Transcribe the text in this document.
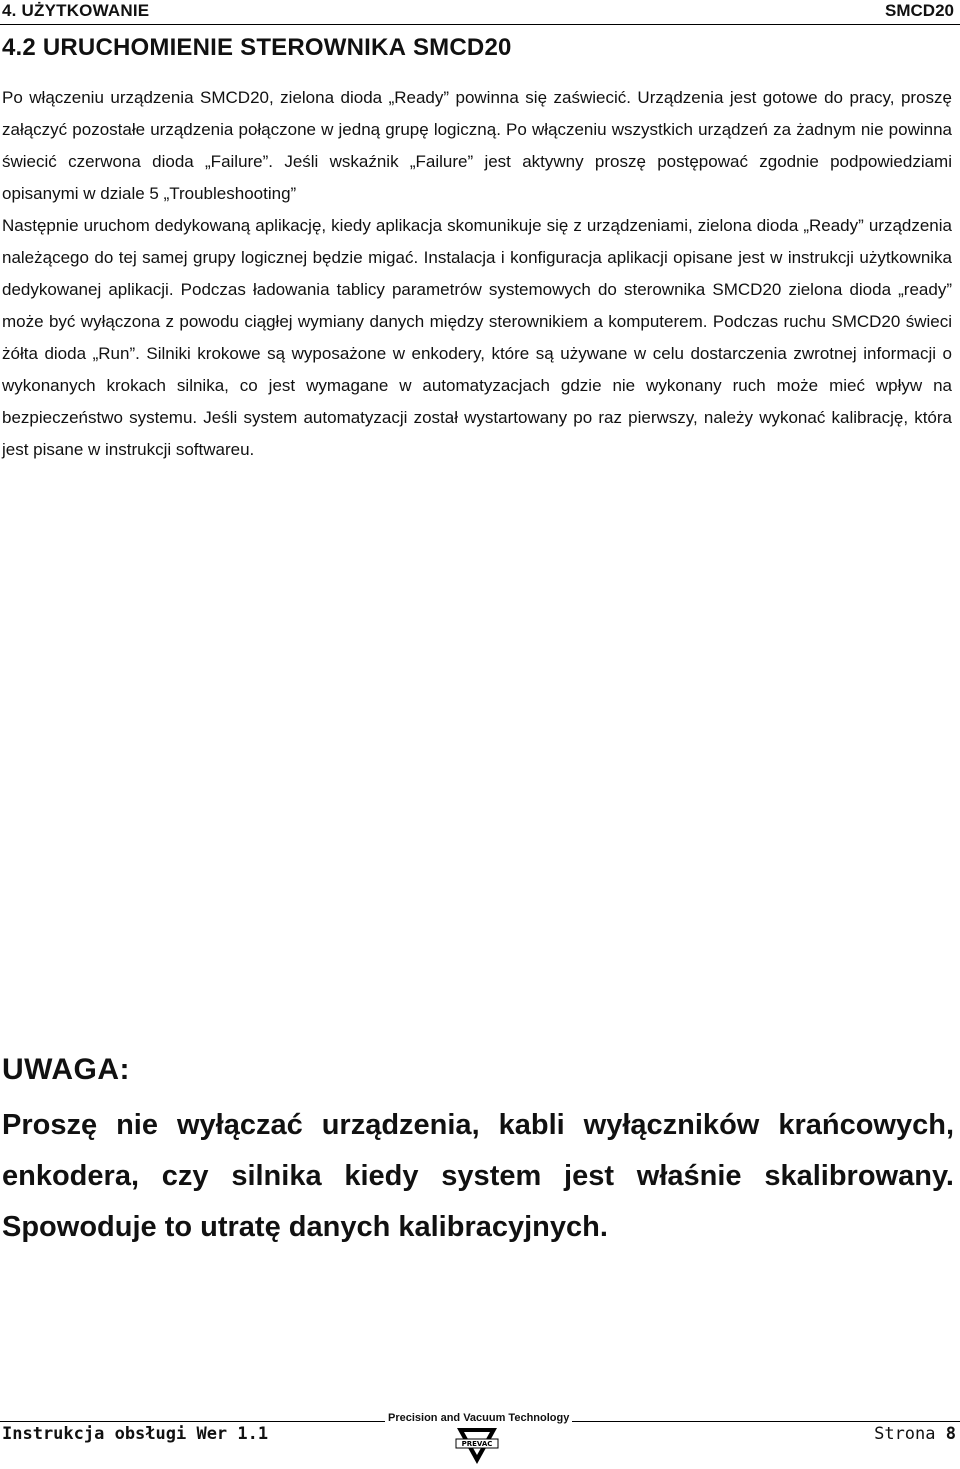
4. UŻYTKOWANIE	SMCD20
4.2 URUCHOMIENIE STEROWNIKA SMCD20

Po włączeniu urządzenia SMCD20, zielona dioda „Ready” powinna się zaświecić. Urządzenia jest gotowe do pracy, proszę załączyć pozostałe urządzenia połączone w jedną grupę logiczną. Po włączeniu wszystkich urządzeń za żadnym nie powinna świecić czerwona dioda „Failure”. Jeśli wskaźnik „Failure” jest aktywny proszę postępować zgodnie podpowiedziami opisanymi w dziale 5 „Troubleshooting”

Następnie uruchom dedykowaną aplikację, kiedy aplikacja skomunikuje się z urządzeniami, zielona dioda „Ready” urządzenia należącego do tej samej grupy logicznej będzie migać. Instalacja i konfiguracja aplikacji opisane jest w instrukcji użytkownika dedykowanej aplikacji. Podczas ładowania tablicy parametrów systemowych do sterownika SMCD20 zielona dioda „ready” może być wyłączona z powodu ciągłej wymiany danych między sterownikiem a komputerem. Podczas ruchu SMCD20 świeci żółta dioda „Run”. Silniki krokowe są wyposażone w enkodery, które są używane w celu dostarczenia zwrotnej informacji o wykonanych krokach silnika, co jest wymagane w automatyzacjach gdzie nie wykonany ruch może mieć wpływ na bezpieczeństwo systemu. Jeśli system automatyzacji został wystartowany po raz pierwszy, należy wykonać kalibrację, która jest pisane w instrukcji softwareu.

UWAGA:
Proszę nie wyłączać urządzenia, kabli wyłączników krańcowych, enkodera, czy silnika kiedy system jest właśnie skalibrowany. Spowoduje to utratę danych kalibracyjnych.
Precision and Vacuum Technology
Instrukcja obsługi Wer 1.1	PREVAC	Strona 8
